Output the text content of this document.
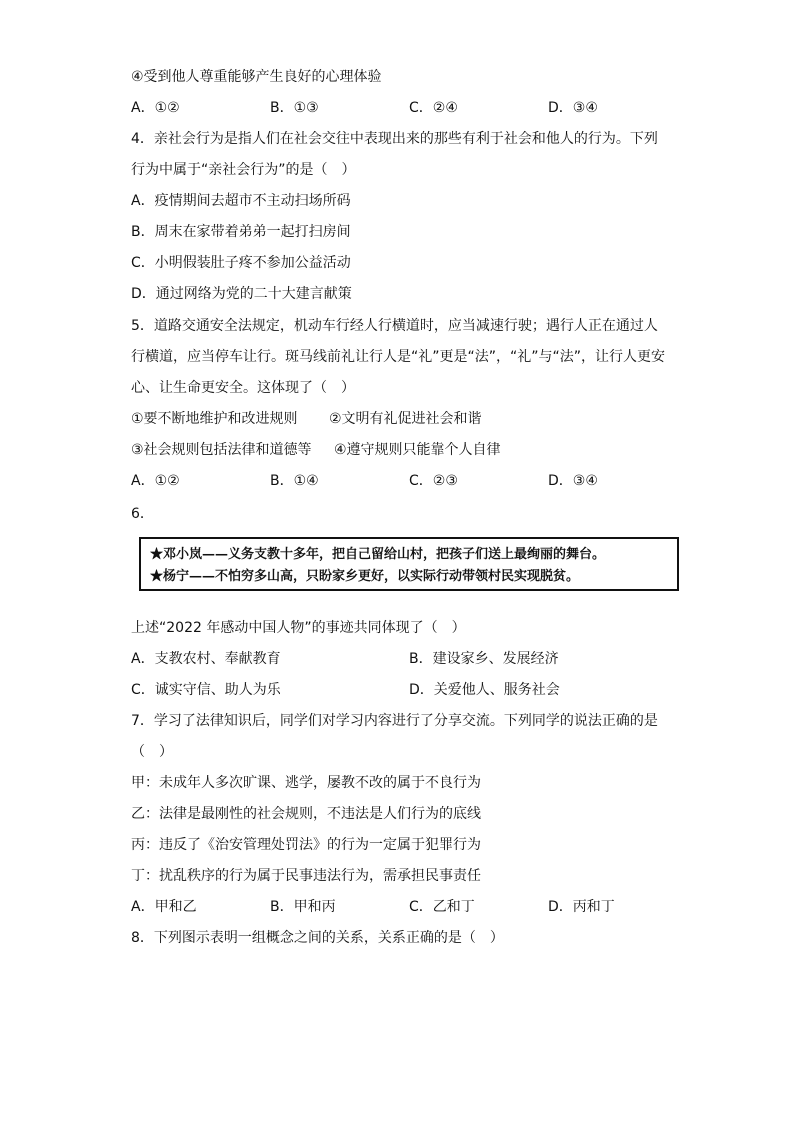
④受到他人尊重能够产生良好的心理体验
A．①②	B．①③	C．②④	D．③④
4．亲社会行为是指人们在社会交往中表现出来的那些有利于社会和他人的行为。下列
行为中属于“亲社会行为”的是（　）
A．疫情期间去超市不主动扫场所码
B．周末在家带着弟弟一起打扫房间
C．小明假装肚子疼不参加公益活动
D．通过网络为党的二十大建言献策
5．道路交通安全法规定，机动车行经人行横道时，应当减速行驶；遇行人正在通过人
行横道，应当停车让行。斑马线前礼让行人是“礼”更是“法”，“礼”与“法”，让行人更安
心、让生命更安全。这体现了（　）
①要不断地维护和改进规则 ②文明有礼促进社会和谐
③社会规则包括法律和道德等 ④遵守规则只能靠个人自律
A．①②	B．①④	C．②③	D．③④
6．
★邓小岚——义务支教十多年，把自己留给山村，把孩子们送上最绚丽的舞台。
★杨宁——不怕穷多山高，只盼家乡更好，以实际行动带领村民实现脱贫。
上述“2022 年感动中国人物”的事迹共同体现了（　）
A．支教农村、奉献教育	B．建设家乡、发展经济
C．诚实守信、助人为乐	D．关爱他人、服务社会
7．学习了法律知识后，同学们对学习内容进行了分享交流。下列同学的说法正确的是
（　）
甲：未成年人多次旷课、逃学，屡教不改的属于不良行为
乙：法律是最刚性的社会规则，不违法是人们行为的底线
丙：违反了《治安管理处罚法》的行为一定属于犯罪行为
丁：扰乱秩序的行为属于民事违法行为，需承担民事责任
A．甲和乙	B．甲和丙	C．乙和丁	D．丙和丁
8．下列图示表明一组概念之间的关系，关系正确的是（　）
